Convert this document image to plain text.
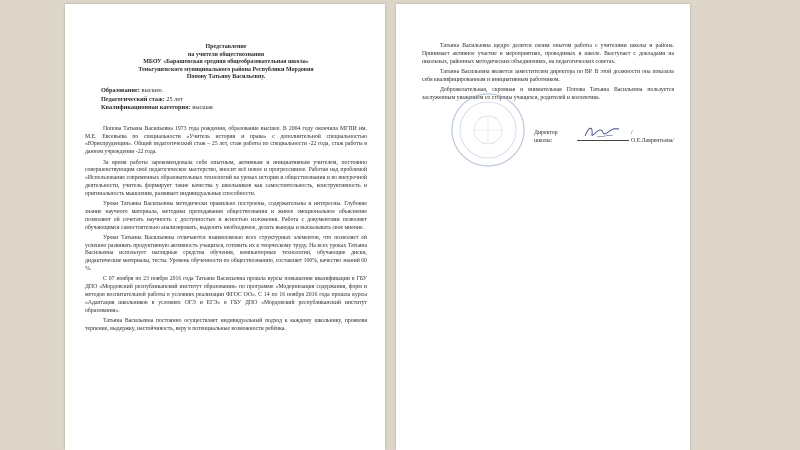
Представление
на учителя обществознания
МБОУ «Барашевская средняя общеобразовательная школа»
Теньгушевского муниципального района Республики Мордовия
Попову Татьяну Васильевну.
Образование: высшее.
Педагогический стаж: 25 лет
Квалификационная категория: высшая

Попова Татьяна Васильевна 1973 года рождения, образование высшее. В 2004 году окончила МГПИ им. М.Е. Евсевьева по специальности «Учитель истории и права» с дополнительной специальностью «Юриспруденция». Общий педагогический стаж – 25 лет, стаж работы по специальности -22 года, стаж работы в данном учреждении -22 года.

За время работы зарекомендовала себя опытным, активным и инициативным учителем, постоянно совершенствующим своё педагогическое мастерство, вносит всё новое и прогрессивное. Работая над проблемой «Использование современных образовательных технологий на уроках истории и обществознания и во внеурочной деятельности, учитель формирует такие качества у школьников как самостоятельность, конструктивность и оригинальность мышления, развивает индивидуальные способности.

Уроки Татьяны Васильевны методически правильно построены, содержательны и интересны. Глубокие знание научного материала, методики преподавания обществознания и живое эмоциональное объяснение позволяют ей сочетать научность с доступностью и ясностью изложения. Работа с документами позволяет обучающимся самостоятельно анализировать, выделять необходимое, делать выводы и высказывать свое мнение.

Уроки Татьяны Васильевны отличаются взаимосвязью всех структурных элементов, что позволяет ей успешно развивать продуктивную активность учащихся, готовить их к творческому труду. На всех уроках Татьяна Васильевна использует наглядные средства обучения, компьютерные технологии, обучающие диски, дидактические материалы, тесты. Уровень обученности по обществознанию, составляет 100%, качество знаний 60 %.

С 07 ноября по 23 ноября 2016 года Татьяна Васильевна прошла курсы повышения квалификации в ГБУ ДПО «Мордовский республиканский институт образования» по программе «Модернизация содержания, форм и методов воспитательной работы в условиях реализации ФГОС ОО». С 14 по 16 ноября 2016 года прошла курсы «Адаптация школьников в условиях ОГЭ и ЕГЭ» в ГБУ ДПО «Мордовский республиканский институт образования».

Татьяна Васильевна постоянно осуществляет индивидуальный подход к каждому школьнику, проявляя терпение, выдержку, настойчивость, веру в потенциальные возможности ребёнка.

Татьяна Васильевна щедро делится своим опытом работы с учителями школы и района. Принимает активное участие в мероприятиях, проводимых в школе. Выступает с докладами на школьных, районных методических объединениях, на педагогических советах.

Татьяна Васильевна является заместителем директора по ВР. В этой должности она показала себя квалифицированным и инициативным работником.

Доброжелательная, скромная и внимательная Попова Татьяна Васильевна пользуется заслуженным уважением со стороны учащихся, родителей и коллектива.

Директор школы:
/О.Е.Лаврентьева/
